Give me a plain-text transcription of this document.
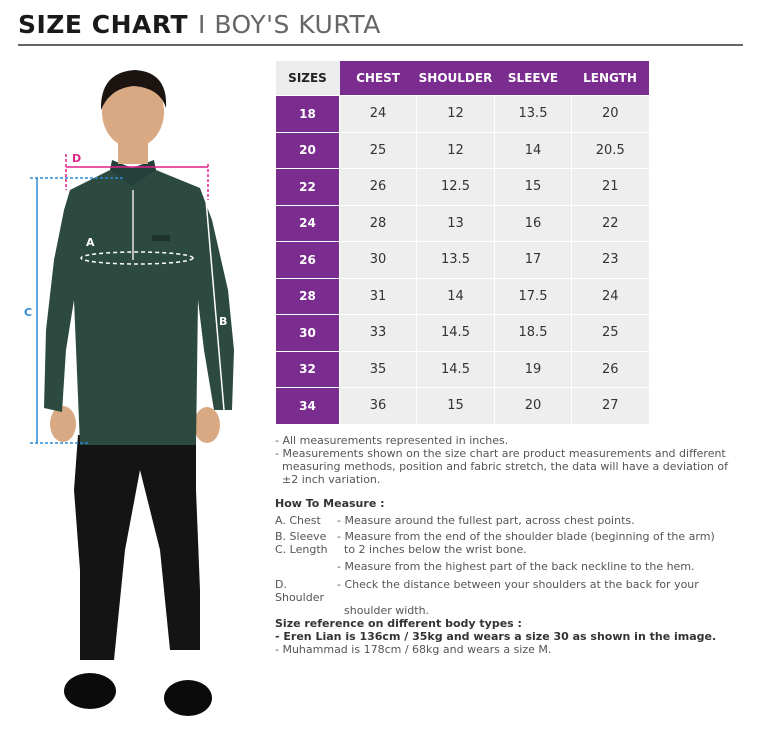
SIZE CHART I BOY'S KURTA
D
A
B
C
SIZES	CHEST	SHOULDER	SLEEVE	LENGTH
18	24	12	13.5	20
20	25	12	14	20.5
22	26	12.5	15	21
24	28	13	16	22
26	30	13.5	17	23
28	31	14	17.5	24
30	33	14.5	18.5	25
32	35	14.5	19	26
34	36	15	20	27

- All measurements represented in inches.

- Measurements shown on the size chart are product measurements and different

measuring methods, position and fabric stretch, the data will have a deviation of

±2 inch variation.

How To Measure :
A. Chest	- Measure around the fullest part, across chest points.
B. Sleeve - Measure from the end of the shoulder blade (beginning of the arm)
C. Length	to 2 inches below the wrist bone.
- Measure from the highest part of the back neckline to the hem.
D. Shoulder
- Check the distance between your shoulders at the back for your
shoulder width.
Size reference on different body types :
- Eren Lian is 136cm / 35kg and wears a size 30 as shown in the image.
- Muhammad is 178cm / 68kg and wears a size M.
